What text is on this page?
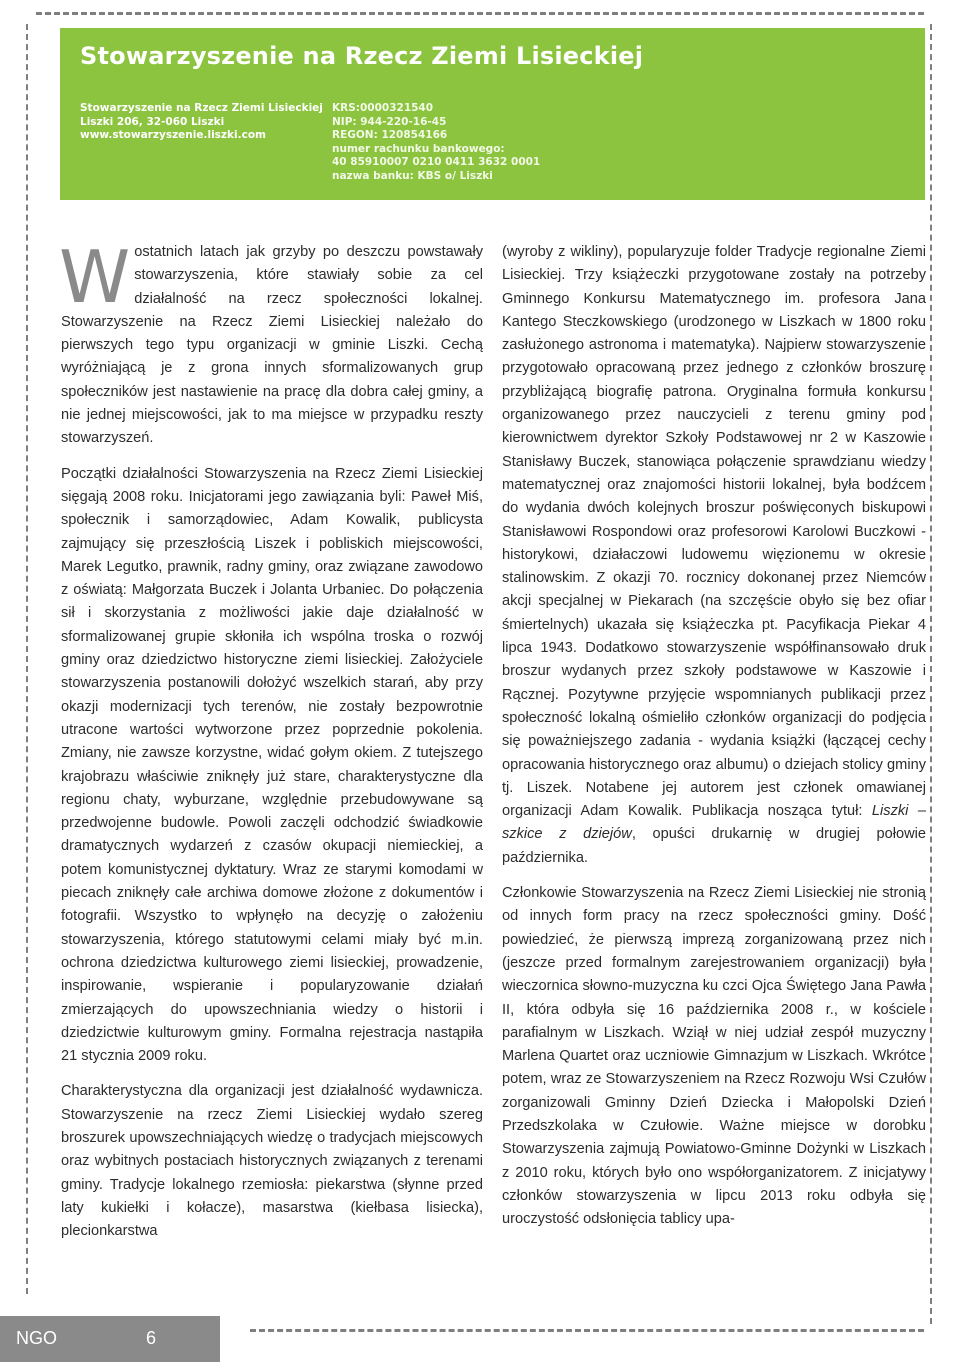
Stowarzyszenie na Rzecz Ziemi Lisieckiej
Stowarzyszenie na Rzecz Ziemi Lisieckiej
Liszki 206, 32-060 Liszki
www.stowarzyszenie.liszki.com
KRS:0000321540
NIP: 944-220-16-45
REGON: 120854166
numer rachunku bankowego:
40 85910007 0210 0411 3632 0001
nazwa banku: KBS o/ Liszki

Wostatnich latach jak grzyby po deszczu powstawały stowarzyszenia, które stawiały sobie za cel działalność na rzecz społeczności lokalnej. Stowarzyszenie na Rzecz Ziemi Lisieckiej należało do pierwszych tego typu organizacji w gminie Liszki. Cechą wyróżniającą je z grona innych sformalizowanych grup społeczników jest nastawienie na pracę dla dobra całej gminy, a nie jednej miejscowości, jak to ma miejsce w przypadku reszty stowarzyszeń.

Początki działalności Stowarzyszenia na Rzecz Ziemi Lisieckiej sięgają 2008 roku. Inicjatorami jego zawiązania byli: Paweł Miś, społecznik i samorządowiec, Adam Kowalik, publicysta zajmujący się przeszłością Liszek i pobliskich miejscowości, Marek Legutko, prawnik, radny gminy, oraz związane zawodowo z oświatą: Małgorzata Buczek i Jolanta Urbaniec. Do połączenia sił i skorzystania z możliwości jakie daje działalność w sformalizowanej grupie skłoniła ich wspólna troska o rozwój gminy oraz dziedzictwo historyczne ziemi lisieckiej. Założyciele stowarzyszenia postanowili dołożyć wszelkich starań, aby przy okazji modernizacji tych terenów, nie zostały bezpowrotnie utracone wartości wytworzone przez poprzednie pokolenia. Zmiany, nie zawsze korzystne, widać gołym okiem. Z tutejszego krajobrazu właściwie zniknęły już stare, charakterystyczne dla regionu chaty, wyburzane, względnie przebudowywane są przedwojenne budowle. Powoli zaczęli odchodzić świadkowie dramatycznych wydarzeń z czasów okupacji niemieckiej, a potem komunistycznej dyktatury. Wraz ze starymi komodami w piecach zniknęły całe archiwa domowe złożone z dokumentów i fotografii. Wszystko to wpłynęło na decyzję o założeniu stowarzyszenia, którego statutowymi celami miały być m.in. ochrona dziedzictwa kulturowego ziemi lisieckiej, prowadzenie, inspirowanie, wspieranie i popularyzowanie działań zmierzających do upowszechniania wiedzy o historii i dziedzictwie kulturowym gminy. Formalna rejestracja nastąpiła 21 stycznia 2009 roku.

Charakterystyczna dla organizacji jest działalność wydawnicza. Stowarzyszenie na rzecz Ziemi Lisieckiej wydało szereg broszurek upowszechniających wiedzę o tradycjach miejscowych oraz wybitnych postaciach historycznych związanych z terenami gminy. Tradycje lokalnego rzemiosła: piekarstwa (słynne przed laty kukiełki i kołacze), masarstwa (kiełbasa lisiecka), plecionkarstwa

(wyroby z wikliny), popularyzuje folder Tradycje regionalne Ziemi Lisieckiej. Trzy książeczki przygotowane zostały na potrzeby Gminnego Konkursu Matematycznego im. profesora Jana Kantego Steczkowskiego (urodzonego w Liszkach w 1800 roku zasłużonego astronoma i matematyka). Najpierw stowarzyszenie przygotowało opracowaną przez jednego z członków broszurę przybliżającą biografię patrona. Oryginalna formuła konkursu organizowanego przez nauczycieli z terenu gminy pod kierownictwem dyrektor Szkoły Podstawowej nr 2 w Kaszowie Stanisławy Buczek, stanowiąca połączenie sprawdzianu wiedzy matematycznej oraz znajomości historii lokalnej, była bodźcem do wydania dwóch kolejnych broszur poświęconych biskupowi Stanisławowi Rospondowi oraz profesorowi Karolowi Buczkowi - historykowi, działaczowi ludowemu więzionemu w okresie stalinowskim. Z okazji 70. rocznicy dokonanej przez Niemców akcji specjalnej w Piekarach (na szczęście obyło się bez ofiar śmiertelnych) ukazała się książeczka pt. Pacyfikacja Piekar 4 lipca 1943. Dodatkowo stowarzyszenie współfinansowało druk broszur wydanych przez szkoły podstawowe w Kaszowie i Rącznej. Pozytywne przyjęcie wspomnianych publikacji przez społeczność lokalną ośmieliło członków organizacji do podjęcia się poważniejszego zadania - wydania książki (łączącej cechy opracowania historycznego oraz albumu) o dziejach stolicy gminy tj. Liszek. Notabene jej autorem jest członek omawianej organizacji Adam Kowalik. Publikacja nosząca tytuł: Liszki – szkice z dziejów, opuści drukarnię w drugiej połowie października.

Członkowie Stowarzyszenia na Rzecz Ziemi Lisieckiej nie stronią od innych form pracy na rzecz społeczności gminy. Dość powiedzieć, że pierwszą imprezą zorganizowaną przez nich (jeszcze przed formalnym zarejestrowaniem organizacji) była wieczornica słowno-muzyczna ku czci Ojca Świętego Jana Pawła II, która odbyła się 16 października 2008 r., w kościele parafialnym w Liszkach. Wziął w niej udział zespół muzyczny Marlena Quartet oraz uczniowie Gimnazjum w Liszkach. Wkrótce potem, wraz ze Stowarzyszeniem na Rzecz Rozwoju Wsi Czułów zorganizowali Gminny Dzień Dziecka i Małopolski Dzień Przedszkolaka w Czułowie. Ważne miejsce w dorobku Stowarzyszenia zajmują Powiatowo-Gminne Dożynki w Liszkach z 2010 roku, których było ono współorganizatorem. Z inicjatywy członków stowarzyszenia w lipcu 2013 roku odbyła się uroczystość odsłonięcia tablicy upa-

NGO	6
